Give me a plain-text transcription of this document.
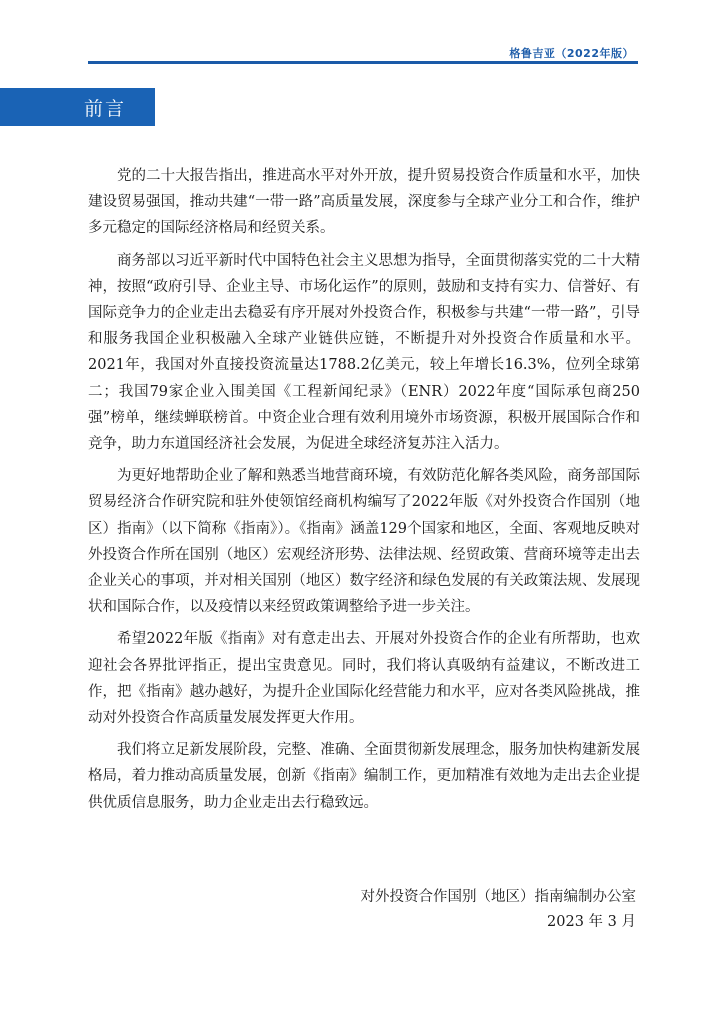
格鲁吉亚（2022年版）
前言

党的二十大报告指出，推进高水平对外开放，提升贸易投资合作质量和水平，加快建设贸易强国，推动共建“一带一路”高质量发展，深度参与全球产业分工和合作，维护多元稳定的国际经济格局和经贸关系。

商务部以习近平新时代中国特色社会主义思想为指导，全面贯彻落实党的二十大精神，按照“政府引导、企业主导、市场化运作”的原则，鼓励和支持有实力、信誉好、有国际竞争力的企业走出去稳妥有序开展对外投资合作，积极参与共建“一带一路”，引导和服务我国企业积极融入全球产业链供应链，不断提升对外投资合作质量和水平。2021年，我国对外直接投资流量达1788.2亿美元，较上年增长16.3%，位列全球第二；我国79家企业入围美国《工程新闻纪录》（ENR）2022年度“国际承包商250强”榜单，继续蝉联榜首。中资企业合理有效利用境外市场资源，积极开展国际合作和竞争，助力东道国经济社会发展，为促进全球经济复苏注入活力。

为更好地帮助企业了解和熟悉当地营商环境，有效防范化解各类风险，商务部国际贸易经济合作研究院和驻外使领馆经商机构编写了2022年版《对外投资合作国别（地区）指南》（以下简称《指南》）。《指南》涵盖129个国家和地区，全面、客观地反映对外投资合作所在国别（地区）宏观经济形势、法律法规、经贸政策、营商环境等走出去企业关心的事项，并对相关国别（地区）数字经济和绿色发展的有关政策法规、发展现状和国际合作，以及疫情以来经贸政策调整给予进一步关注。

希望2022年版《指南》对有意走出去、开展对外投资合作的企业有所帮助，也欢迎社会各界批评指正，提出宝贵意见。同时，我们将认真吸纳有益建议，不断改进工作，把《指南》越办越好，为提升企业国际化经营能力和水平，应对各类风险挑战，推动对外投资合作高质量发展发挥更大作用。

我们将立足新发展阶段，完整、准确、全面贯彻新发展理念，服务加快构建新发展格局，着力推动高质量发展，创新《指南》编制工作，更加精准有效地为走出去企业提供优质信息服务，助力企业走出去行稳致远。

对外投资合作国别（地区）指南编制办公室
2023 年 3 月
